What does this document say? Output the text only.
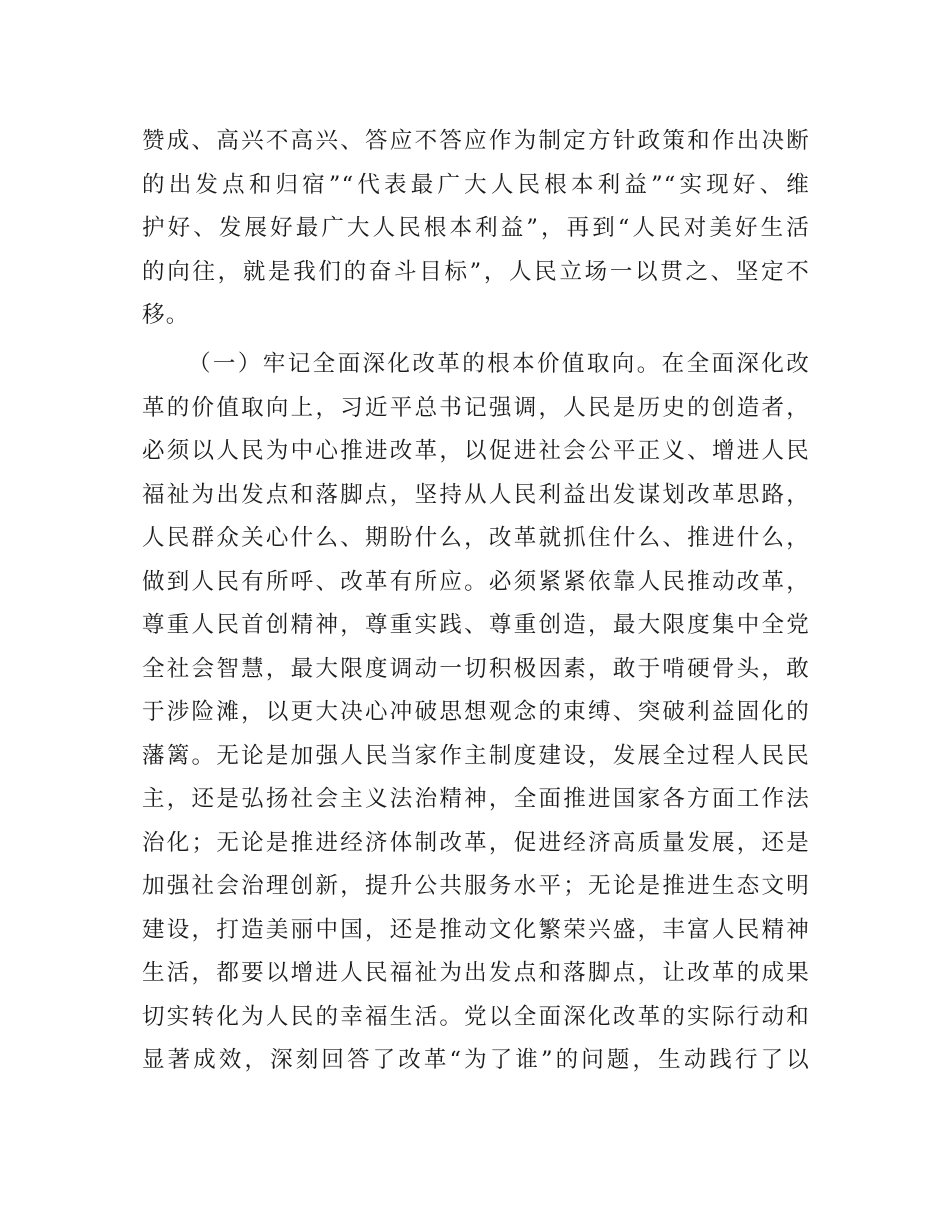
赞成、高兴不高兴、答应不答应作为制定方针政策和作出决断
的出发点和归宿”“代表最广大人民根本利益”“实现好、维
护好、发展好最广大人民根本利益”，再到“人民对美好生活
的向往，就是我们的奋斗目标”，人民立场一以贯之、坚定不
移。
（一）牢记全面深化改革的根本价值取向。在全面深化改
革的价值取向上，习近平总书记强调，人民是历史的创造者，
必须以人民为中心推进改革，以促进社会公平正义、增进人民
福祉为出发点和落脚点，坚持从人民利益出发谋划改革思路，
人民群众关心什么、期盼什么，改革就抓住什么、推进什么，
做到人民有所呼、改革有所应。必须紧紧依靠人民推动改革，
尊重人民首创精神，尊重实践、尊重创造，最大限度集中全党
全社会智慧，最大限度调动一切积极因素，敢于啃硬骨头，敢
于涉险滩，以更大决心冲破思想观念的束缚、突破利益固化的
藩篱。无论是加强人民当家作主制度建设，发展全过程人民民
主，还是弘扬社会主义法治精神，全面推进国家各方面工作法
治化；无论是推进经济体制改革，促进经济高质量发展，还是
加强社会治理创新，提升公共服务水平；无论是推进生态文明
建设，打造美丽中国，还是推动文化繁荣兴盛，丰富人民精神
生活，都要以增进人民福祉为出发点和落脚点，让改革的成果
切实转化为人民的幸福生活。党以全面深化改革的实际行动和
显著成效，深刻回答了改革“为了谁”的问题，生动践行了以
